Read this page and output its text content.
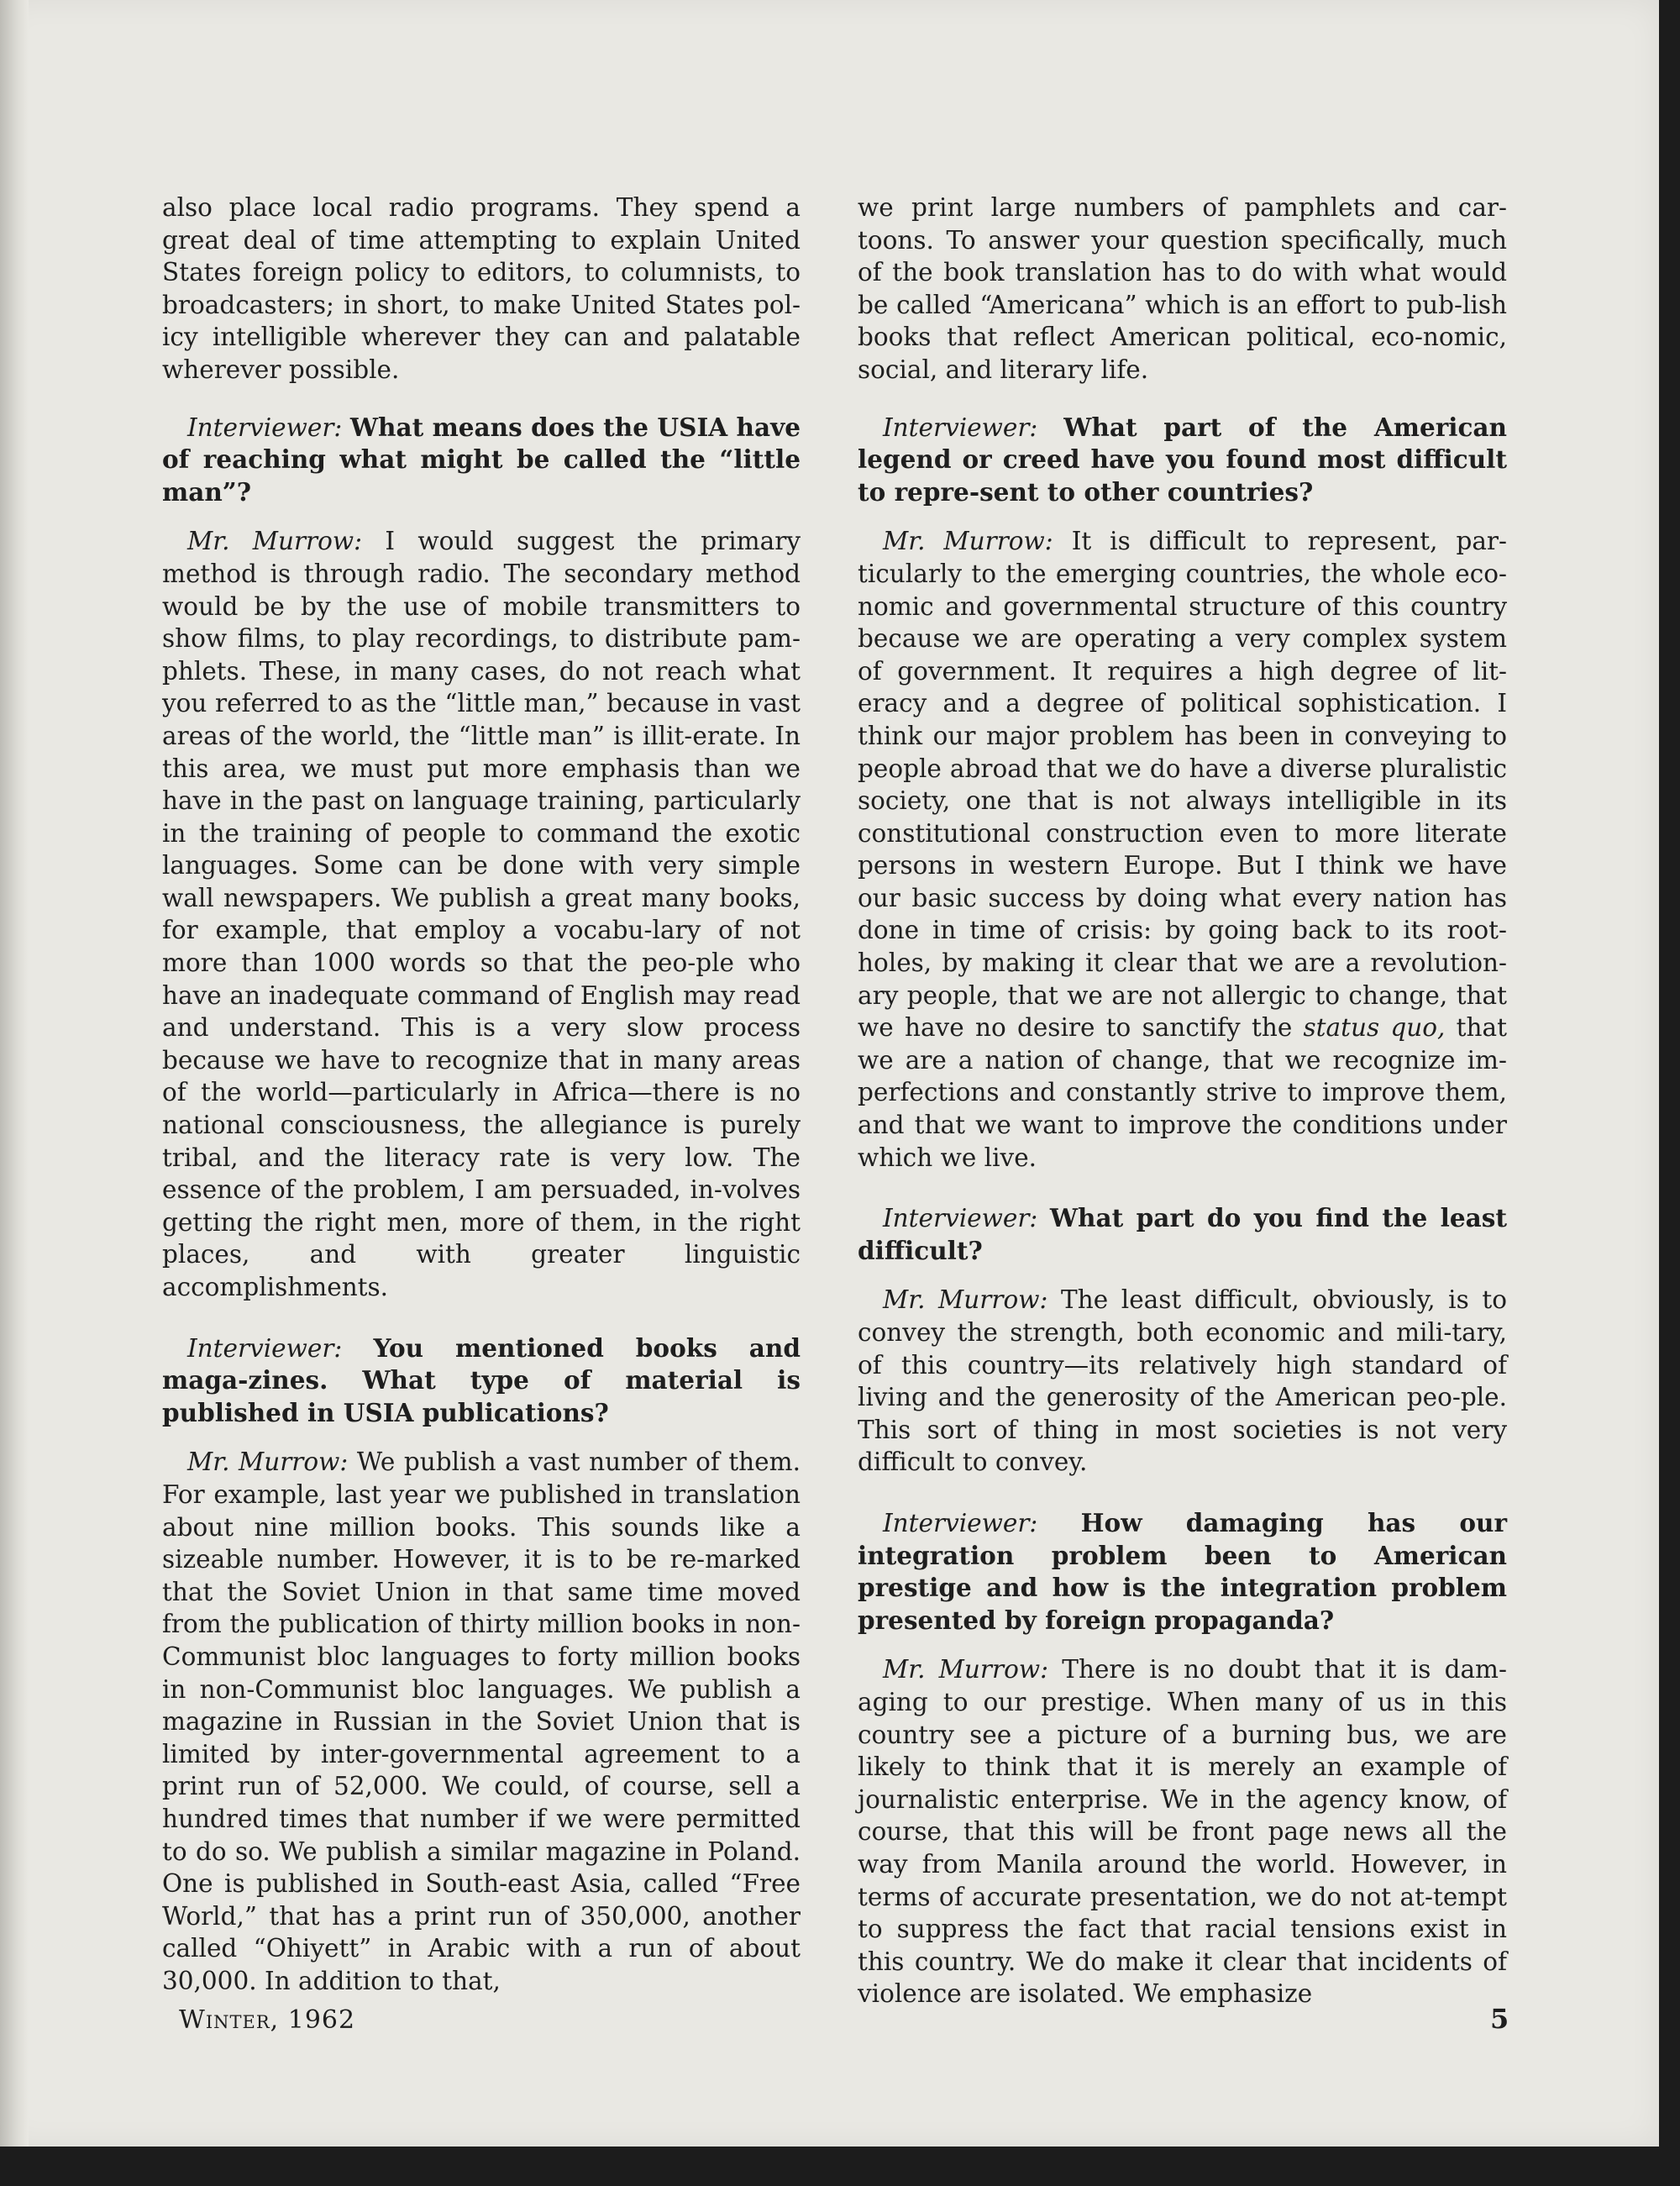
also place local radio programs. They spend a great deal of time attempting to explain United States foreign policy to editors, to columnists, to broadcasters; in short, to make United States pol-icy intelligible wherever they can and palatable wherever possible.

Interviewer: What means does the USIA have of reaching what might be called the “little man”?

Mr. Murrow: I would suggest the primary method is through radio. The secondary method would be by the use of mobile transmitters to show films, to play recordings, to distribute pam-phlets. These, in many cases, do not reach what you referred to as the “little man,” because in vast areas of the world, the “little man” is illit-erate. In this area, we must put more emphasis than we have in the past on language training, particularly in the training of people to command the exotic languages. Some can be done with very simple wall newspapers. We publish a great many books, for example, that employ a vocabu-lary of not more than 1000 words so that the peo-ple who have an inadequate command of English may read and understand. This is a very slow process because we have to recognize that in many areas of the world—particularly in Africa—there is no national consciousness, the allegiance is purely tribal, and the literacy rate is very low. The essence of the problem, I am persuaded, in-volves getting the right men, more of them, in the right places, and with greater linguistic accomplishments.

Interviewer: You mentioned books and maga-zines. What type of material is published in USIA publications?

Mr. Murrow: We publish a vast number of them. For example, last year we published in translation about nine million books. This sounds like a sizeable number. However, it is to be re-marked that the Soviet Union in that same time moved from the publication of thirty million books in non-Communist bloc languages to forty million books in non-Communist bloc languages. We publish a magazine in Russian in the Soviet Union that is limited by inter-governmental agreement to a print run of 52,000. We could, of course, sell a hundred times that number if we were permitted to do so. We publish a similar magazine in Poland. One is published in South-east Asia, called “Free World,” that has a print run of 350,000, another called “Ohiyett” in Arabic with a run of about 30,000. In addition to that,

we print large numbers of pamphlets and car-toons. To answer your question specifically, much of the book translation has to do with what would be called “Americana” which is an effort to pub-lish books that reflect American political, eco-nomic, social, and literary life.

Interviewer: What part of the American legend or creed have you found most difficult to repre-sent to other countries?

Mr. Murrow: It is difficult to represent, par-ticularly to the emerging countries, the whole eco-nomic and governmental structure of this country because we are operating a very complex system of government. It requires a high degree of lit-eracy and a degree of political sophistication. I think our major problem has been in conveying to people abroad that we do have a diverse pluralistic society, one that is not always intelligible in its constitutional construction even to more literate persons in western Europe. But I think we have our basic success by doing what every nation has done in time of crisis: by going back to its root-holes, by making it clear that we are a revolution-ary people, that we are not allergic to change, that we have no desire to sanctify the status quo, that we are a nation of change, that we recognize im-perfections and constantly strive to improve them, and that we want to improve the conditions under which we live.

Interviewer: What part do you find the least difficult?

Mr. Murrow: The least difficult, obviously, is to convey the strength, both economic and mili-tary, of this country—its relatively high standard of living and the generosity of the American peo-ple. This sort of thing in most societies is not very difficult to convey.

Interviewer: How damaging has our integration problem been to American prestige and how is the integration problem presented by foreign propaganda?

Mr. Murrow: There is no doubt that it is dam-aging to our prestige. When many of us in this country see a picture of a burning bus, we are likely to think that it is merely an example of journalistic enterprise. We in the agency know, of course, that this will be front page news all the way from Manila around the world. However, in terms of accurate presentation, we do not at-tempt to suppress the fact that racial tensions exist in this country. We do make it clear that incidents of violence are isolated. We emphasize

Winter, 1962	5
